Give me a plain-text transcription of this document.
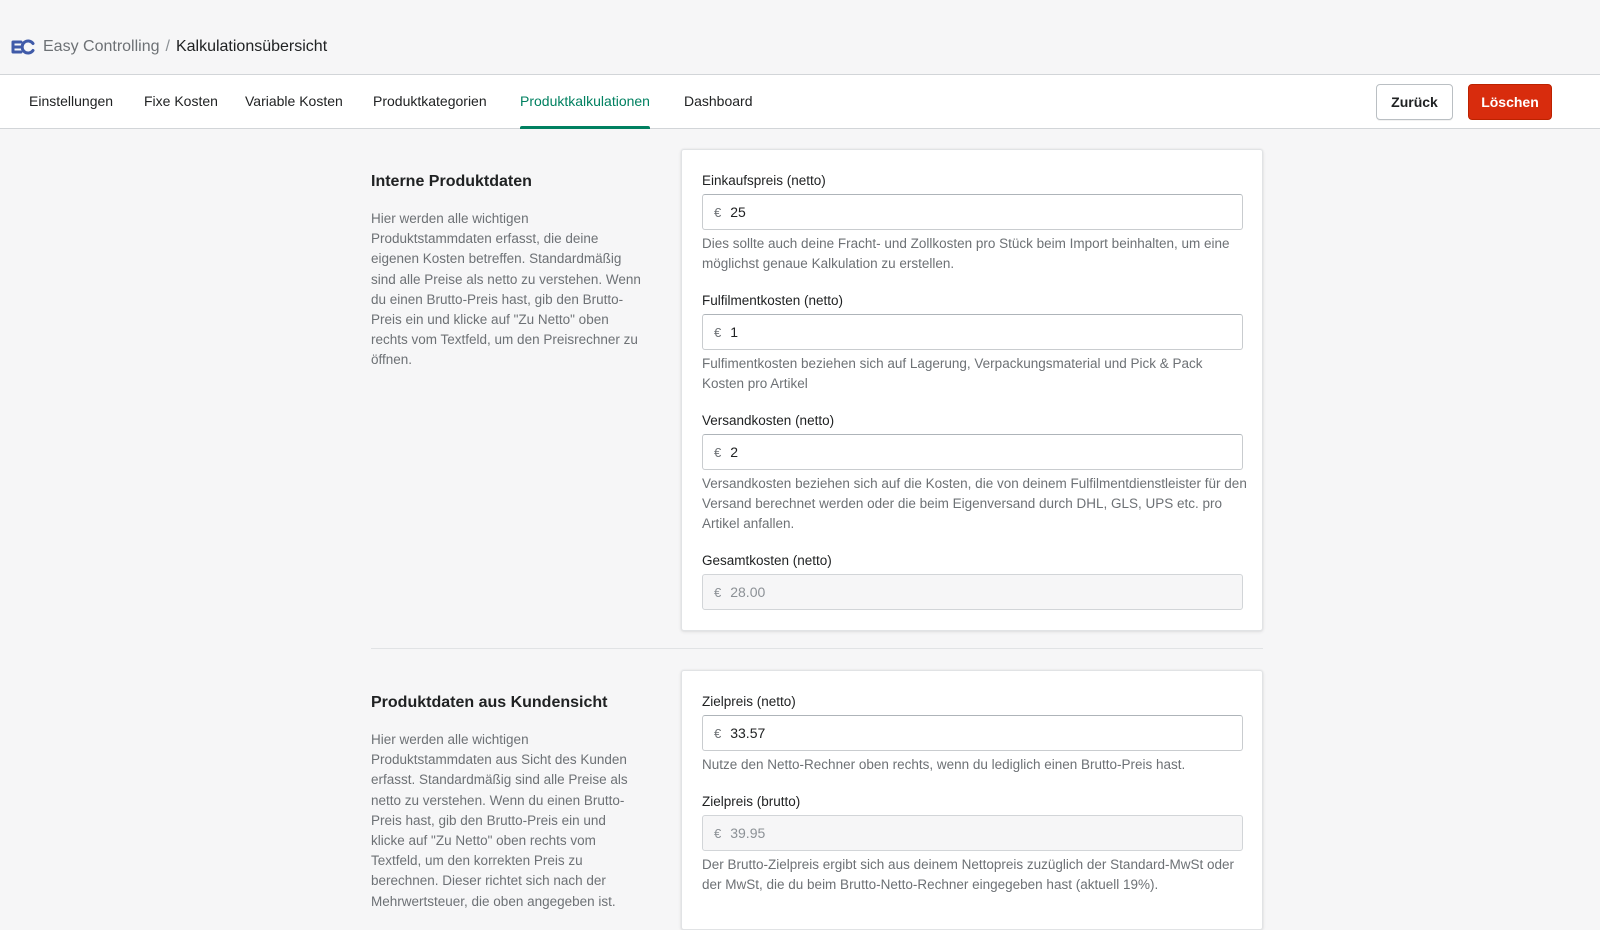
Easy Controlling / Kalkulationsübersicht
Einstellungen Fixe Kosten Variable Kosten Produktkategorien Produktkalkulationen Dashboard	Zurück	Löschen
Interne Produktdaten
Hier werden alle wichtigen Produktstammdaten erfasst, die deine eigenen Kosten betreffen. Standardmäßig sind alle Preise als netto zu verstehen. Wenn du einen Brutto-Preis hast, gib den Brutto-Preis ein und klicke auf "Zu Netto" oben rechts vom Textfeld, um den Preisrechner zu öffnen.
Einkaufspreis (netto)
€ 25
Dies sollte auch deine Fracht- und Zollkosten pro Stück beim Import beinhalten, um eine möglichst genaue Kalkulation zu erstellen.
Fulfilmentkosten (netto)
€ 1
Fulfimentkosten beziehen sich auf Lagerung, Verpackungsmaterial und Pick & Pack Kosten pro Artikel
Versandkosten (netto)
€ 2
Versandkosten beziehen sich auf die Kosten, die von deinem Fulfilmentdienstleister für den Versand berechnet werden oder die beim Eigenversand durch DHL, GLS, UPS etc. pro Artikel anfallen.
Gesamtkosten (netto)
€ 28.00
Produktdaten aus Kundensicht
Hier werden alle wichtigen Produktstammdaten aus Sicht des Kunden erfasst. Standardmäßig sind alle Preise als netto zu verstehen. Wenn du einen Brutto-Preis hast, gib den Brutto-Preis ein und klicke auf "Zu Netto" oben rechts vom Textfeld, um den korrekten Preis zu berechnen. Dieser richtet sich nach der Mehrwertsteuer, die oben angegeben ist.
Zielpreis (netto)
€ 33.57
Nutze den Netto-Rechner oben rechts, wenn du lediglich einen Brutto-Preis hast.
Zielpreis (brutto)
€ 39.95
Der Brutto-Zielpreis ergibt sich aus deinem Nettopreis zuzüglich der Standard-MwSt oder der MwSt, die du beim Brutto-Netto-Rechner eingegeben hast (aktuell 19%).
